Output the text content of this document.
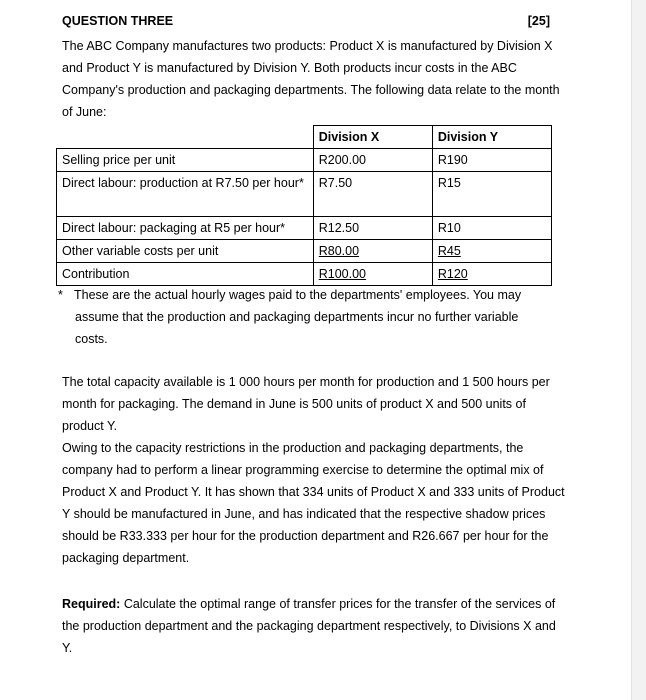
QUESTION THREE	[25]
The ABC Company manufactures two products: Product X is manufactured by Division X and Product Y is manufactured by Division Y. Both products incur costs in the ABC Company's production and packaging departments. The following data relate to the month of June:
	Division X	Division Y
Selling price per unit	R200.00	R190
Direct labour: production at R7.50 per hour*	R7.50	R15
Direct labour: packaging at R5 per hour*	R12.50	R10
Other variable costs per unit	R80.00	R45
Contribution	R100.00	R120
* These are the actual hourly wages paid to the departments' employees. You may
assume that the production and packaging departments incur no further variable
costs.
The total capacity available is 1 000 hours per month for production and 1 500 hours per month for packaging. The demand in June is 500 units of product X and 500 units of product Y.
Owing to the capacity restrictions in the production and packaging departments, the company had to perform a linear programming exercise to determine the optimal mix of Product X and Product Y. It has shown that 334 units of Product X and 333 units of Product Y should be manufactured in June, and has indicated that the respective shadow prices should be R33.333 per hour for the production department and R26.667 per hour for the packaging department.
Required: Calculate the optimal range of transfer prices for the transfer of the services of the production department and the packaging department respectively, to Divisions X and Y.
